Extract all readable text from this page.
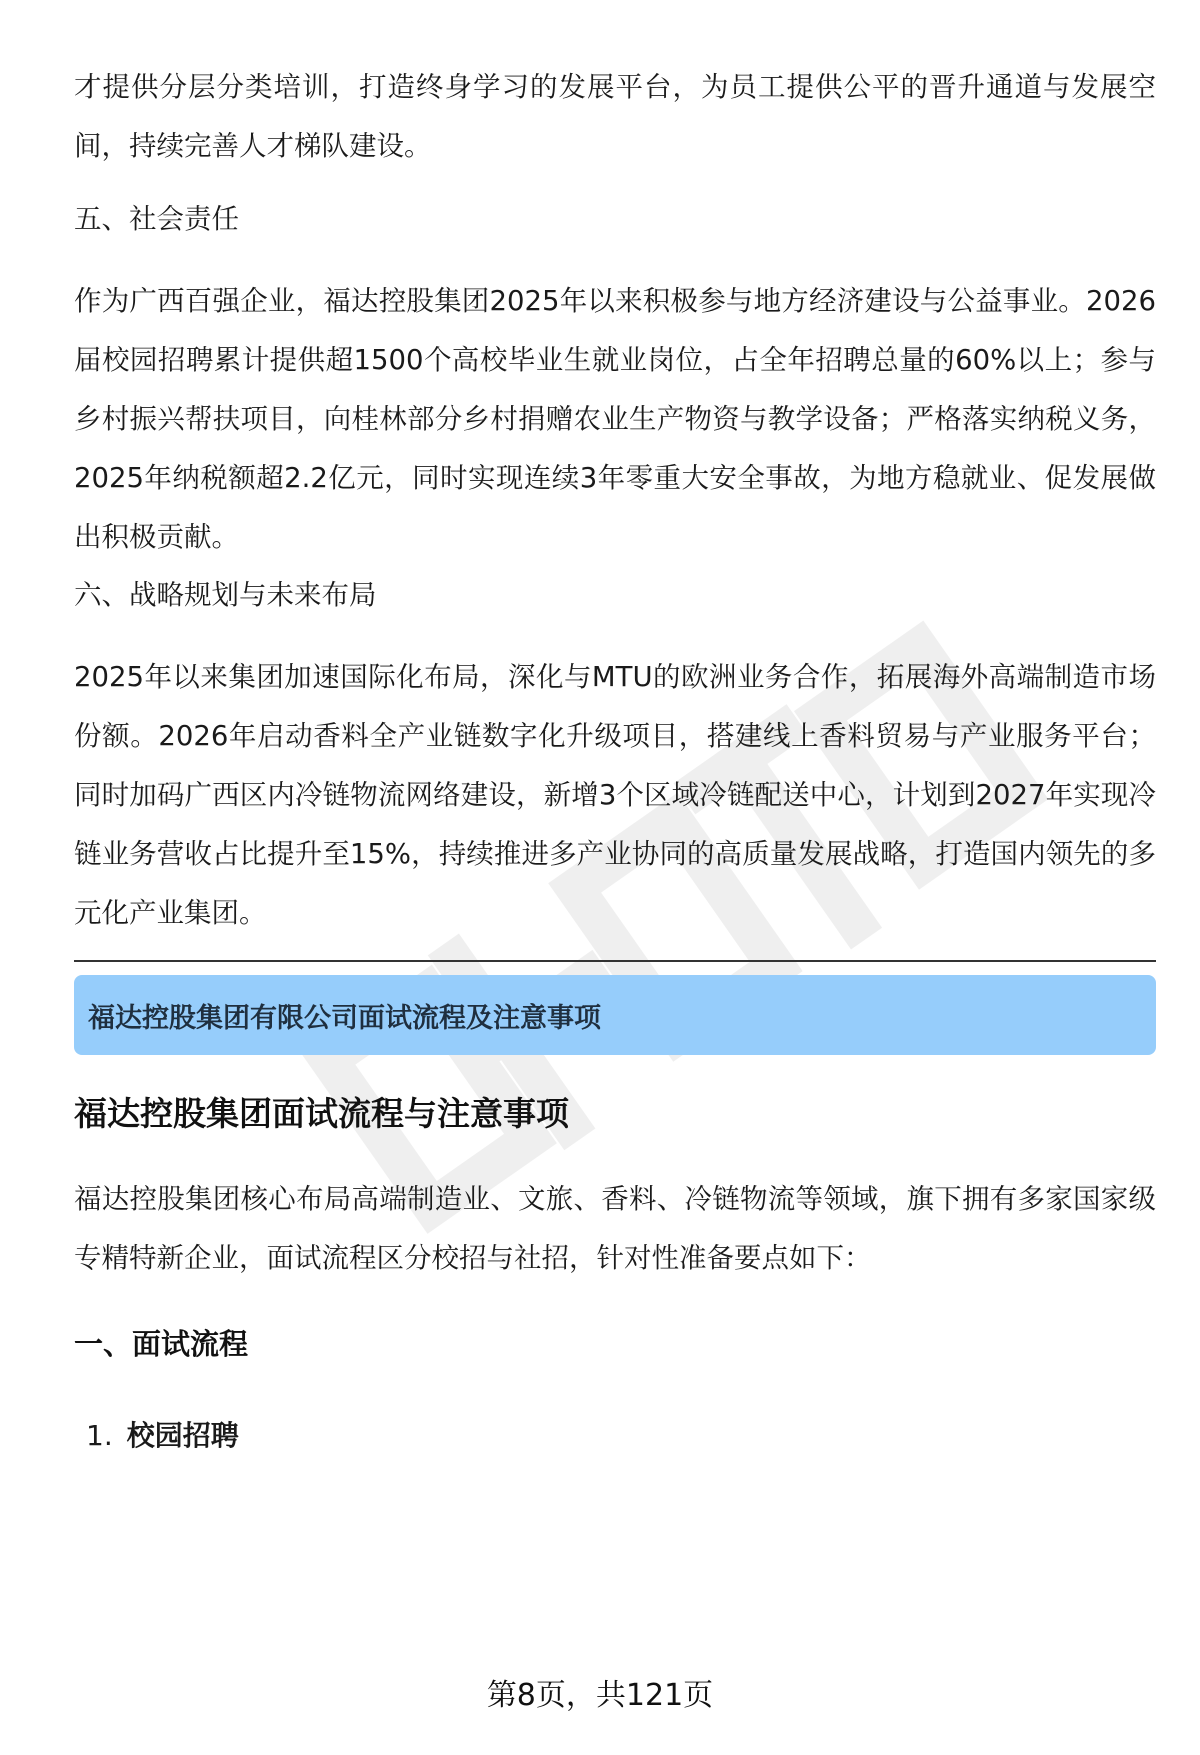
才提供分层分类培训，打造终身学习的发展平台，为员工提供公平的晋升通道与发展空间，持续完善人才梯队建设。

五、社会责任

作为广西百强企业，福达控股集团2025年以来积极参与地方经济建设与公益事业。2026届校园招聘累计提供超1500个高校毕业生就业岗位，占全年招聘总量的60%以上；参与乡村振兴帮扶项目，向桂林部分乡村捐赠农业生产物资与教学设备；严格落实纳税义务，2025年纳税额超2.2亿元，同时实现连续3年零重大安全事故，为地方稳就业、促发展做出积极贡献。

六、战略规划与未来布局

2025年以来集团加速国际化布局，深化与MTU的欧洲业务合作，拓展海外高端制造市场份额。2026年启动香料全产业链数字化升级项目，搭建线上香料贸易与产业服务平台；同时加码广西区内冷链物流网络建设，新增3个区域冷链配送中心，计划到2027年实现冷链业务营收占比提升至15%，持续推进多产业协同的高质量发展战略，打造国内领先的多元化产业集团。

福达控股集团有限公司面试流程及注意事项
福达控股集团面试流程与注意事项

福达控股集团核心布局高端制造业、文旅、香料、冷链物流等领域，旗下拥有多家国家级专精特新企业，面试流程区分校招与社招，针对性准备要点如下：

一、面试流程
1. 校园招聘
第8页，共121页
